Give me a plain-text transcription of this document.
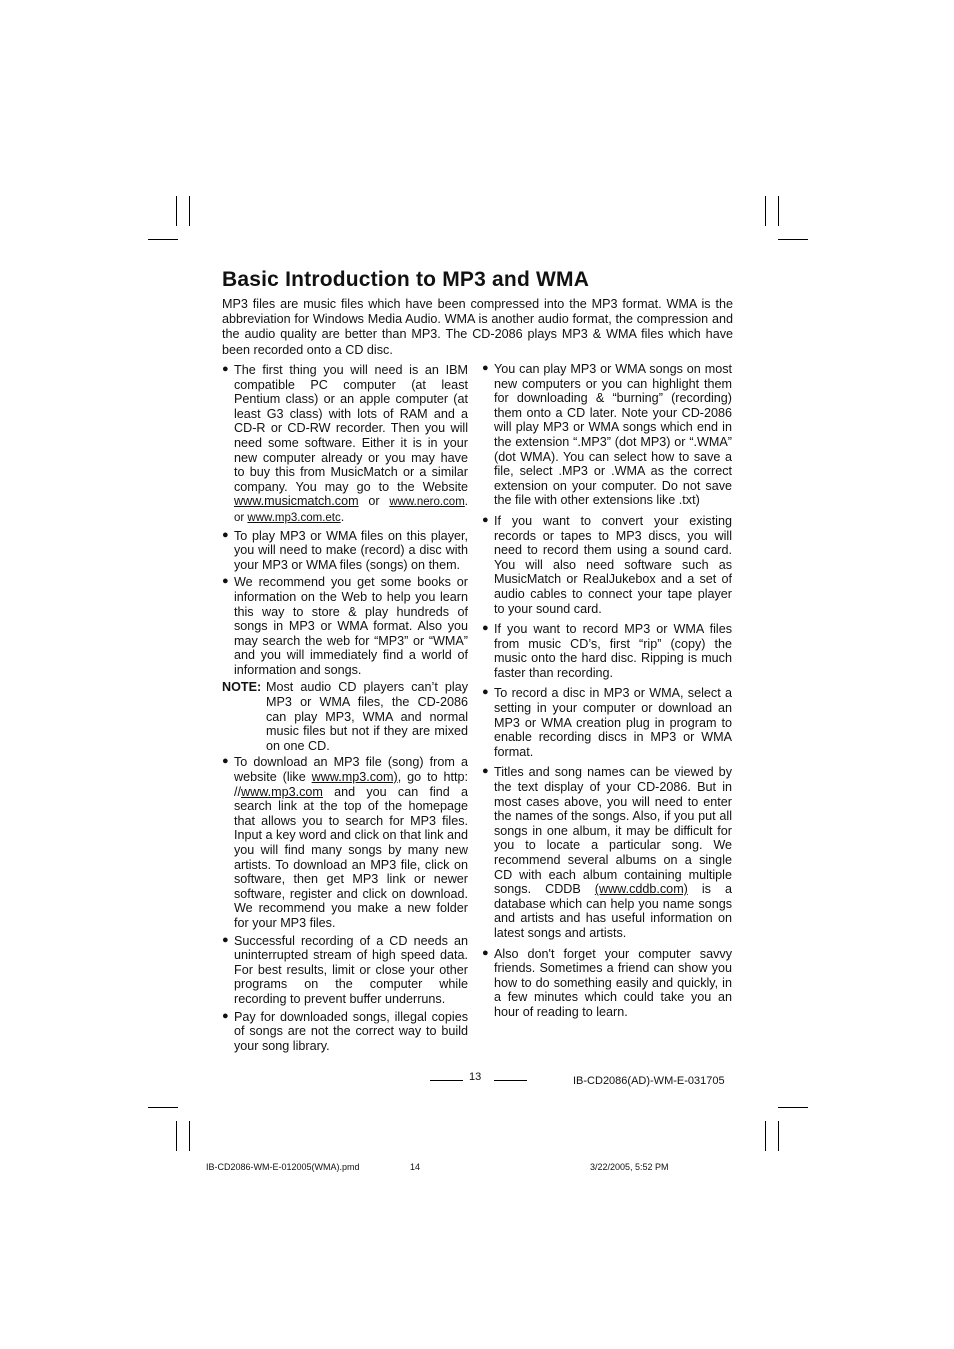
Basic Introduction to MP3 and WMA

MP3 files are music files which have been compressed into the MP3 format. WMA is the abbreviation for Windows Media Audio. WMA is another audio format, the compression and the audio quality are better than MP3. The CD-2086 plays MP3 & WMA files which have been recorded onto a CD disc.

● The first thing you will need is an IBM compatible PC computer (at least Pentium class) or an apple computer (at least G3 class) with lots of RAM and a CD-R or CD-RW recorder. Then you will need some software. Either it is in your new computer already or you may have to buy this from MusicMatch or a similar company. You may go to the Website www.musicmatch.com or www.nero.com. or www.mp3.com.etc.
● To play MP3 or WMA files on this player, you will need to make (record) a disc with your MP3 or WMA files (songs) on them.
● We recommend you get some books or information on the Web to help you learn this way to store & play hundreds of songs in MP3 or WMA format. Also you may search the web for “MP3” or “WMA” and you will immediately find a world of information and songs.
NOTE: Most audio CD players can’t play MP3 or WMA files, the CD-2086 can play MP3, WMA and normal music files but not if they are mixed on one CD.
● To download an MP3 file (song) from a website (like www.mp3.com), go to http: //www.mp3.com and you can find a search link at the top of the homepage that allows you to search for MP3 files. Input a key word and click on that link and you will find many songs by many new artists. To download an MP3 file, click on software, then get MP3 link or newer software, register and click on download. We recommend you make a new folder for your MP3 files.
● Successful recording of a CD needs an uninterrupted stream of high speed data. For best results, limit or close your other programs on the computer while recording to prevent buffer underruns.
● Pay for downloaded songs, illegal copies of songs are not the correct way to build your song library.
● You can play MP3 or WMA songs on most new computers or you can highlight them for downloading & “burning” (recording) them onto a CD later. Note your CD-2086 will play MP3 or WMA songs which end in the extension “.MP3” (dot MP3) or “.WMA” (dot WMA). You can select how to save a file, select .MP3 or .WMA as the correct extension on your computer. Do not save the file with other extensions like .txt)
● If you want to convert your existing records or tapes to MP3 discs, you will need to record them using a sound card. You will also need software such as MusicMatch or RealJukebox and a set of audio cables to connect your tape player to your sound card.
● If you want to record MP3 or WMA files from music CD’s, first “rip” (copy) the music onto the hard disc. Ripping is much faster than recording.
● To record a disc in MP3 or WMA, select a setting in your computer or download an MP3 or WMA creation plug in program to enable recording discs in MP3 or WMA format.
● Titles and song names can be viewed by the text display of your CD-2086. But in most cases above, you will need to enter the names of the songs. Also, if you put all songs in one album, it may be difficult for you to locate a particular song. We recommend several albums on a single CD with each album containing multiple songs. CDDB (www.cddb.com) is a database which can help you name songs and artists and has useful information on latest songs and artists.
● Also don't forget your computer savvy friends. Sometimes a friend can show you how to do something easily and quickly, in a few minutes which could take you an hour of reading to learn.
13	IB-CD2086(AD)-WM-E-031705
IB-CD2086-WM-E-012005(WMA).pmd	14	3/22/2005, 5:52 PM
